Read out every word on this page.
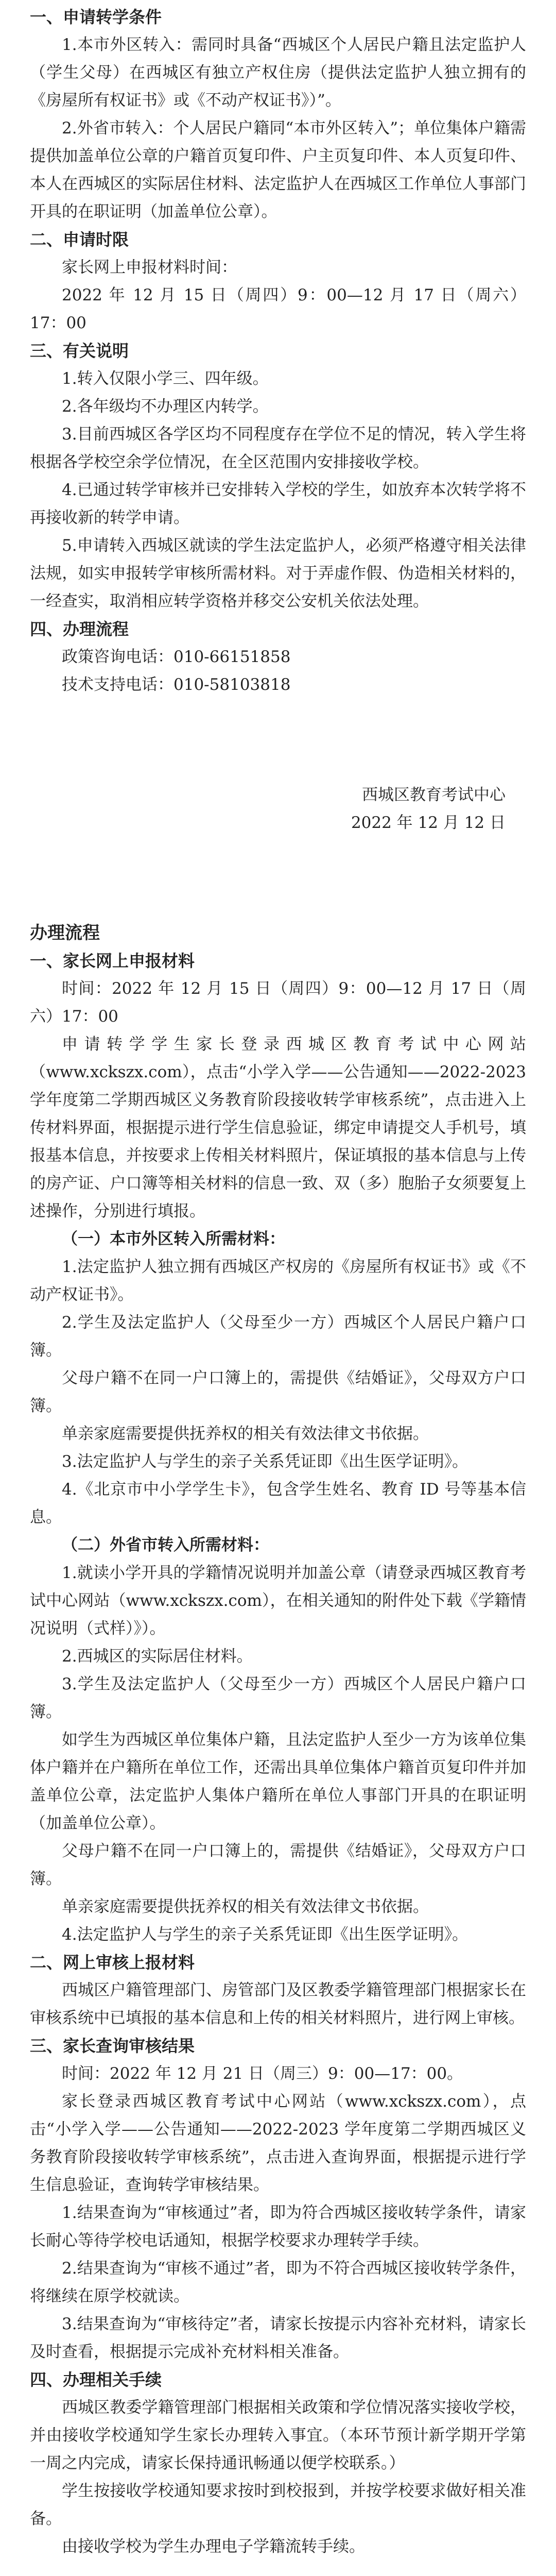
一、申请转学条件

1.本市外区转入：需同时具备“西城区个人居民户籍且法定监护人（学生父母）在西城区有独立产权住房（提供法定监护人独立拥有的《房屋所有权证书》或《不动产权证书》）”。

2.外省市转入：个人居民户籍同“本市外区转入”；单位集体户籍需提供加盖单位公章的户籍首页复印件、户主页复印件、本人页复印件、本人在西城区的实际居住材料、法定监护人在西城区工作单位人事部门开具的在职证明（加盖单位公章）。

二、申请时限

家长网上申报材料时间：

2022 年 12 月 15 日（周四）9：00—12 月 17 日（周六）17：00

三、有关说明

1.转入仅限小学三、四年级。

2.各年级均不办理区内转学。

3.目前西城区各学区均不同程度存在学位不足的情况，转入学生将根据各学校空余学位情况，在全区范围内安排接收学校。

4.已通过转学审核并已安排转入学校的学生，如放弃本次转学将不再接收新的转学申请。

5.申请转入西城区就读的学生法定监护人，必须严格遵守相关法律法规，如实申报转学审核所需材料。对于弄虚作假、伪造相关材料的，一经查实，取消相应转学资格并移交公安机关依法处理。

四、办理流程

政策咨询电话：010-66151858

技术支持电话：010-58103818

西城区教育考试中心

2022 年 12 月 12 日

办理流程

一、家长网上申报材料

时间：2022 年 12 月 15 日（周四）9：00—12 月 17 日（周六）17：00

申请转学学生家长登录西城区教育考试中心网站（www.xckszx.com），点击“小学入学——公告通知——2022-2023 学年度第二学期西城区义务教育阶段接收转学审核系统”，点击进入上传材料界面，根据提示进行学生信息验证，绑定申请提交人手机号，填报基本信息，并按要求上传相关材料照片，保证填报的基本信息与上传的房产证、户口簿等相关材料的信息一致、双（多）胞胎子女须要复上述操作，分别进行填报。

（一）本市外区转入所需材料：

1.法定监护人独立拥有西城区产权房的《房屋所有权证书》或《不动产权证书》。

2.学生及法定监护人（父母至少一方）西城区个人居民户籍户口簿。

父母户籍不在同一户口簿上的，需提供《结婚证》，父母双方户口簿。

单亲家庭需要提供抚养权的相关有效法律文书依据。

3.法定监护人与学生的亲子关系凭证即《出生医学证明》。

4.《北京市中小学学生卡》，包含学生姓名、教育 ID 号等基本信息。

（二）外省市转入所需材料：

1.就读小学开具的学籍情况说明并加盖公章（请登录西城区教育考试中心网站（www.xckszx.com），在相关通知的附件处下载《学籍情况说明（式样）》）。

2.西城区的实际居住材料。

3.学生及法定监护人（父母至少一方）西城区个人居民户籍户口簿。

如学生为西城区单位集体户籍，且法定监护人至少一方为该单位集体户籍并在户籍所在单位工作，还需出具单位集体户籍首页复印件并加盖单位公章，法定监护人集体户籍所在单位人事部门开具的在职证明（加盖单位公章）。

父母户籍不在同一户口簿上的，需提供《结婚证》，父母双方户口簿。

单亲家庭需要提供抚养权的相关有效法律文书依据。

4.法定监护人与学生的亲子关系凭证即《出生医学证明》。

二、网上审核上报材料

西城区户籍管理部门、房管部门及区教委学籍管理部门根据家长在审核系统中已填报的基本信息和上传的相关材料照片，进行网上审核。

三、家长查询审核结果

时间：2022 年 12 月 21 日（周三）9：00—17：00。

家长登录西城区教育考试中心网站（www.xckszx.com），点击“小学入学——公告通知——2022-2023 学年度第二学期西城区义务教育阶段接收转学审核系统”，点击进入查询界面，根据提示进行学生信息验证，查询转学审核结果。

1.结果查询为“审核通过”者，即为符合西城区接收转学条件，请家长耐心等待学校电话通知，根据学校要求办理转学手续。

2.结果查询为“审核不通过”者，即为不符合西城区接收转学条件，将继续在原学校就读。

3.结果查询为“审核待定”者，请家长按提示内容补充材料，请家长及时查看，根据提示完成补充材料相关准备。

四、办理相关手续

西城区教委学籍管理部门根据相关政策和学位情况落实接收学校，并由接收学校通知学生家长办理转入事宜。（本环节预计新学期开学第一周之内完成，请家长保持通讯畅通以便学校联系。）

学生按接收学校通知要求按时到校报到，并按学校要求做好相关准备。

由接收学校为学生办理电子学籍流转手续。
